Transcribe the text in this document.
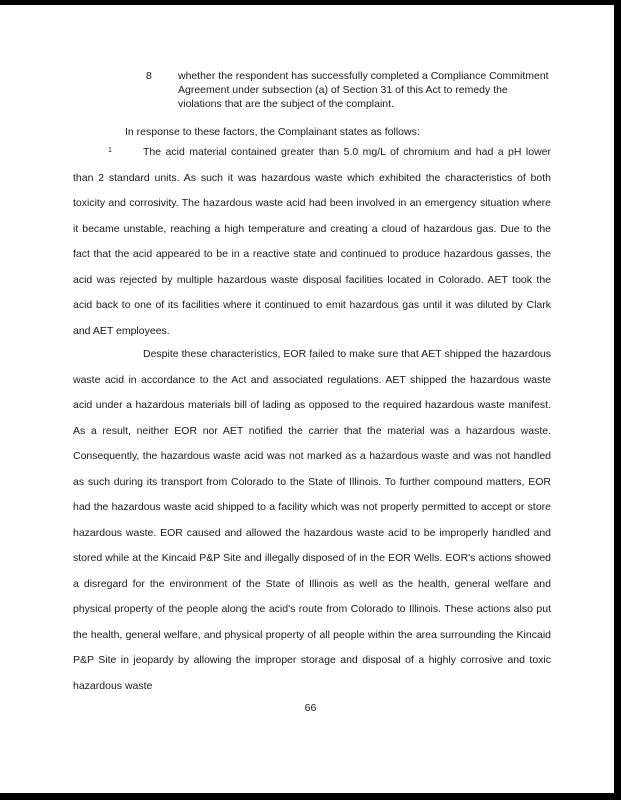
8 whether the respondent has successfully completed a Compliance Commitment Agreement under subsection (a) of Section 31 of this Act to remedy the violations that are the subject of the complaint.
In response to these factors, the Complainant states as follows:
1	The acid material contained greater than 5.0 mg/L of chromium and had a pH lower than 2 standard units. As such it was hazardous waste which exhibited the characteristics of both toxicity and corrosivity. The hazardous waste acid had been involved in an emergency situation where it became unstable, reaching a high temperature and creating a cloud of hazardous gas. Due to the fact that the acid appeared to be in a reactive state and continued to produce hazardous gasses, the acid was rejected by multiple hazardous waste disposal facilities located in Colorado. AET took the acid back to one of its facilities where it continued to emit hazardous gas until it was diluted by Clark and AET employees.
Despite these characteristics, EOR failed to make sure that AET shipped the hazardous waste acid in accordance to the Act and associated regulations. AET shipped the hazardous waste acid under a hazardous materials bill of lading as opposed to the required hazardous waste manifest. As a result, neither EOR nor AET notified the carrier that the material was a hazardous waste. Consequently, the hazardous waste acid was not marked as a hazardous waste and was not handled as such during its transport from Colorado to the State of Illinois. To further compound matters, EOR had the hazardous waste acid shipped to a facility which was not properly permitted to accept or store hazardous waste. EOR caused and allowed the hazardous waste acid to be improperly handled and stored while at the Kincaid P&P Site and illegally disposed of in the EOR Wells. EOR's actions showed a disregard for the environment of the State of Illinois as well as the health, general welfare and physical property of the people along the acid's route from Colorado to Illinois. These actions also put the health, general welfare, and physical property of all people within the area surrounding the Kincaid P&P Site in jeopardy by allowing the improper storage and disposal of a highly corrosive and toxic hazardous waste
66
